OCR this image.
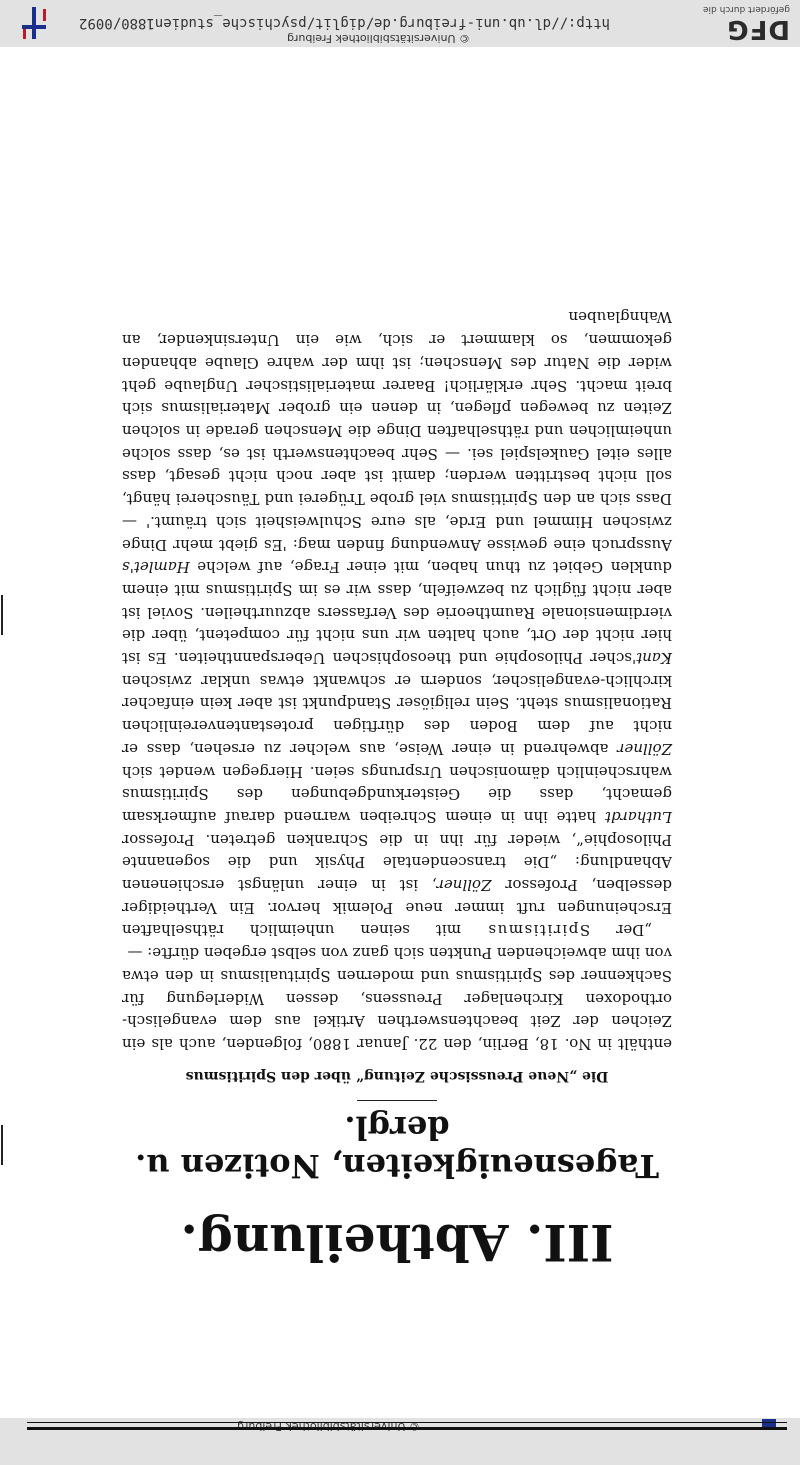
http://dl.ub.uni-freiburg.de/diglit/psychische_studien1880/0092
© Universitätsbibliothek Freiburg	DFG
gefördert durch die
III. Abtheilung.
Tagesneuigkeiten, Notizen u. dergl.
Die „Neue Preussische Zeitung“ über den Spiritismus

enthält in No. 18, Berlin, den 22. Januar 1880, folgenden, auch als ein Zeichen der Zeit beachtenswerthen Artikel aus dem evangelisch-orthodoxen Kirchenlager Preussens, dessen Widerlegung für Sachkenner des Spiritismus und modernen Spiritualismus in den etwa von ihm abweichenden Punkten sich ganz von selbst ergeben dürfte: —

„Der Spiritismus mit seinen unheimlich räthselhaften Erscheinungen ruft immer neue Polemik hervor. Ein Vertheidiger desselben, Professor Zöllner, ist in einer unlängst erschienenen Abhandlung: „Die transcendentale Physik und die sogenannte Philosophie“, wieder für ihn in die Schranken getreten. Professor Luthardt hatte ihn in einem Schreiben warnend darauf aufmerksam gemacht, dass die Geisterkundgebungen des Spiritismus wahrscheinlich dämonischen Ursprungs seien. Hiergegen wendet sich Zöllner abwehrend in einer Weise, aus welcher zu ersehen, dass er nicht auf dem Boden des dürftigen protestantenvereinlichen Rationalismus steht. Sein religiöser Standpunkt ist aber kein einfacher kirchlich-evangelischer, sondern er schwankt etwas unklar zwischen Kant'scher Philosophie und theosophischen Ueberspanntheiten. Es ist hier nicht der Ort, auch halten wir uns nicht für competent, über die vierdimensionale Raumtheorie des Verfassers abzuurtheilen. Soviel ist aber nicht füglich zu bezweifeln, dass wir es im Spiritismus mit einem dunklen Gebiet zu thun haben, mit einer Frage, auf welche Hamlet's Ausspruch eine gewisse Anwendung finden mag: 'Es giebt mehr Dinge zwischen Himmel und Erde, als eure Schulweisheit sich träumt.' — Dass sich an den Spiritismus viel grobe Trügerei und Täuscherei hängt, soll nicht bestritten werden; damit ist aber noch nicht gesagt, dass alles eitel Gaukelspiel sei. — Sehr beachtenswerth ist es, dass solche unheimlichen und räthselhaften Dinge die Menschen gerade in solchen Zeiten zu bewegen pflegen, in denen ein grober Materialismus sich breit macht. Sehr erklärlich! Baarer materialistischer Unglaube geht wider die Natur des Menschen; ist ihm der wahre Glaube abhanden gekommen, so klammert er sich, wie ein Untersinkender, an Wahnglauben
